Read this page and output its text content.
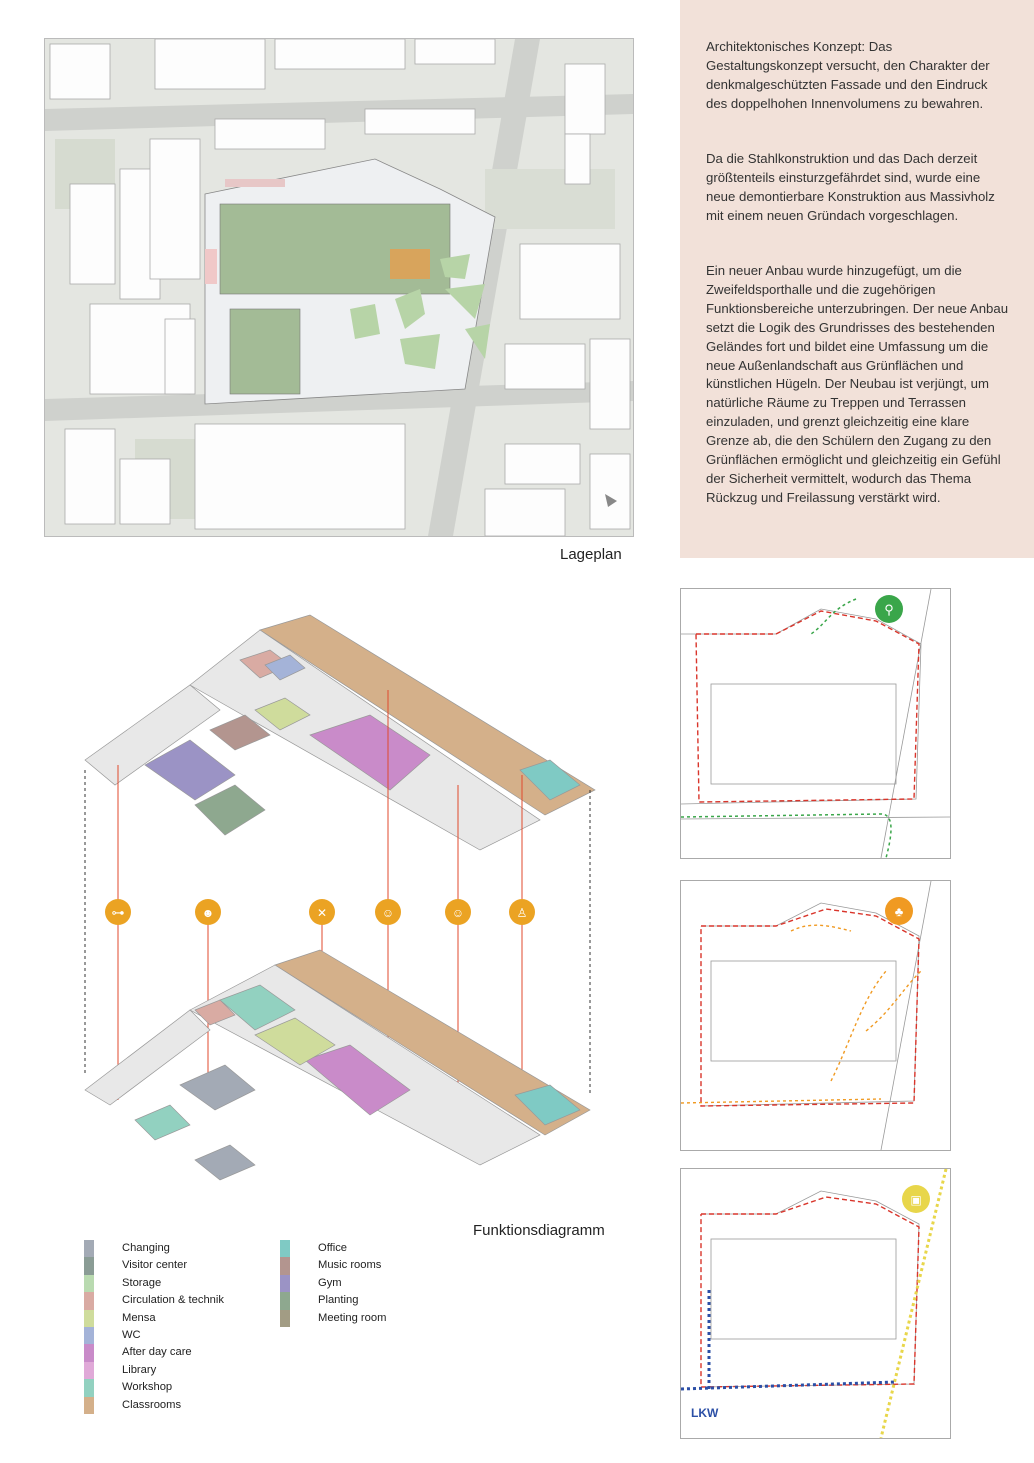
Lageplan

Architektonisches Konzept: Das Gestaltungskonzept versucht, den Charakter der denkmalgeschützten Fassade und den Eindruck des doppelhohen Innenvolumens zu bewahren.

Da die Stahlkonstruktion und das Dach derzeit größtenteils einsturzgefährdet sind, wurde eine neue demontierbare Konstruktion aus Massivholz mit einem neuen Gründach vorgeschlagen.

Ein neuer Anbau wurde hinzugefügt, um die Zweifeldsporthalle und die zugehörigen Funktionsbereiche unterzubringen. Der neue Anbau setzt die Logik des Grundrisses des bestehenden Geländes fort und bildet eine Umfassung um die neue Außenlandschaft aus Grünflächen und künstlichen Hügeln. Der Neubau ist verjüngt, um natürliche Räume zu Treppen und Terrassen einzuladen, und grenzt gleichzeitig eine klare Grenze ab, die den Schülern den Zugang zu den Grünflächen ermöglicht und gleichzeitig ein Gefühl der Sicherheit vermittelt, wodurch das Thema Rückzug und Freilassung verstärkt wird.

⊶	☻	✕	☺	☺	♙
Funktionsdiagramm
Changing
Visitor center
Storage
Circulation & technik
Mensa
WC
After day care
Library
Workshop
Classrooms
Office
Music rooms
Gym
Planting
Meeting room
⚲
♣
▣
LKW
